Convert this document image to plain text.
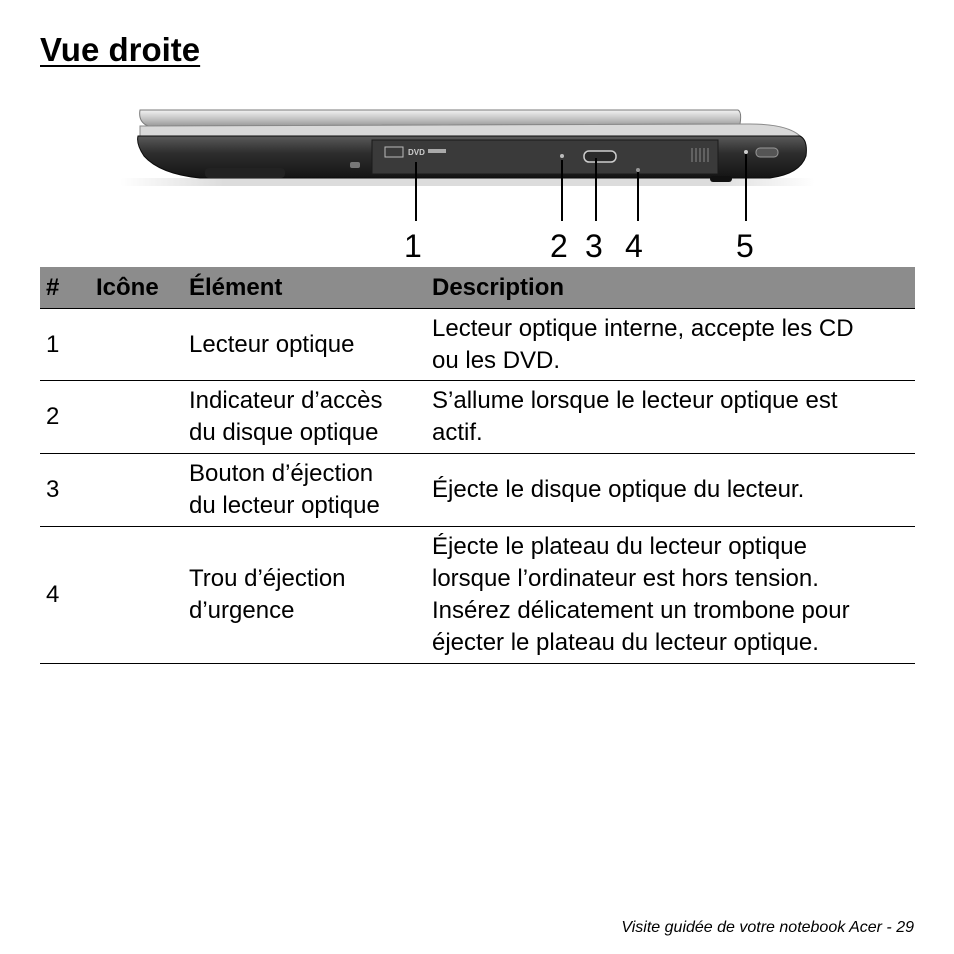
Vue droite
DVD
1	2 3 4	5
#	Icône	Élément	Description
1		Lecteur optique	Lecteur optique interne, accepte les CD
ou les DVD.

2		Indicateur d’accès
du disque optique	S’allume lorsque le lecteur optique est
actif.

3		Bouton d’éjection
du lecteur optique	Éjecte le disque optique du lecteur.

4		Trou d’éjection
d’urgence	Éjecte le plateau du lecteur optique
lorsque l’ordinateur est hors tension.
Insérez délicatement un trombone pour
éjecter le plateau du lecteur optique.
Visite guidée de votre notebook Acer - 29
